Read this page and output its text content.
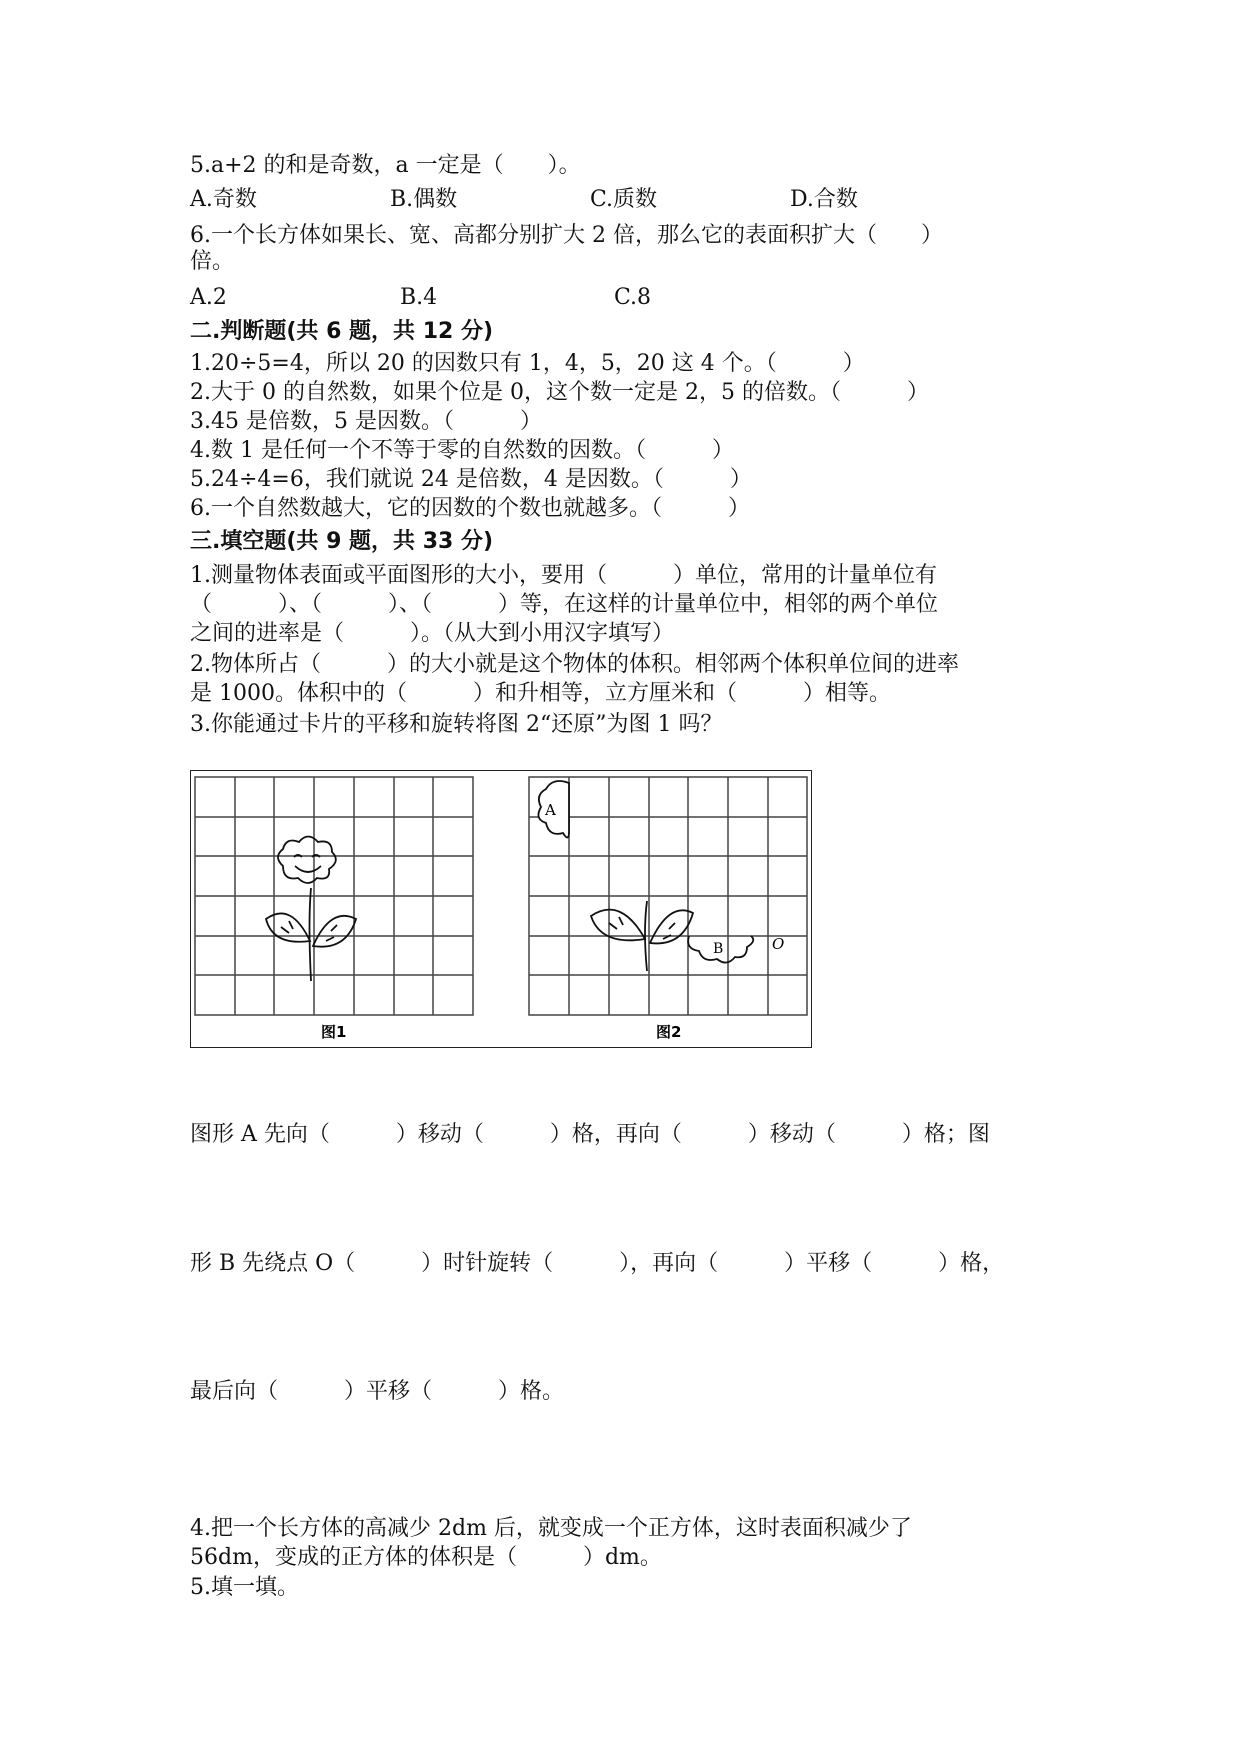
5.a+2 的和是奇数，a 一定是（　　）。
A.奇数	B.偶数	C.质数	D.合数
6.一个长方体如果长、宽、高都分别扩大 2 倍，那么它的表面积扩大（　　）
倍。
A.2	B.4	C.8
二.判断题(共 6 题，共 12 分)
1.20÷5=4，所以 20 的因数只有 1，4，5，20 这 4 个。（　　　）
2.大于 0 的自然数，如果个位是 0，这个数一定是 2，5 的倍数。（　　　）
3.45 是倍数，5 是因数。（　　　）
4.数 1 是任何一个不等于零的自然数的因数。（　　　）
5.24÷4=6，我们就说 24 是倍数，4 是因数。（　　　）
6.一个自然数越大，它的因数的个数也就越多。（　　　）
三.填空题(共 9 题，共 33 分)
1.测量物体表面或平面图形的大小，要用（　　　）单位，常用的计量单位有
（　　　）、（　　　）、（　　　）等，在这样的计量单位中，相邻的两个单位
之间的进率是（　　　）。（从大到小用汉字填写）
2.物体所占（　　　）的大小就是这个物体的体积。相邻两个体积单位间的进率
是 1000。体积中的（　　　）和升相等，立方厘米和（　　　）相等。
3.你能通过卡片的平移和旋转将图 2“还原”为图 1 吗？
A
B	O
图1	图2
图形 A 先向（　　　）移动（　　　）格，再向（　　　）移动（　　　）格；图
形 B 先绕点 O（　　　）时针旋转（　　　），再向（　　　）平移（　　　）格，
最后向（　　　）平移（　　　）格。
4.把一个长方体的高减少 2dm 后，就变成一个正方体，这时表面积减少了
56dm，变成的正方体的体积是（　　　）dm。
5.填一填。
